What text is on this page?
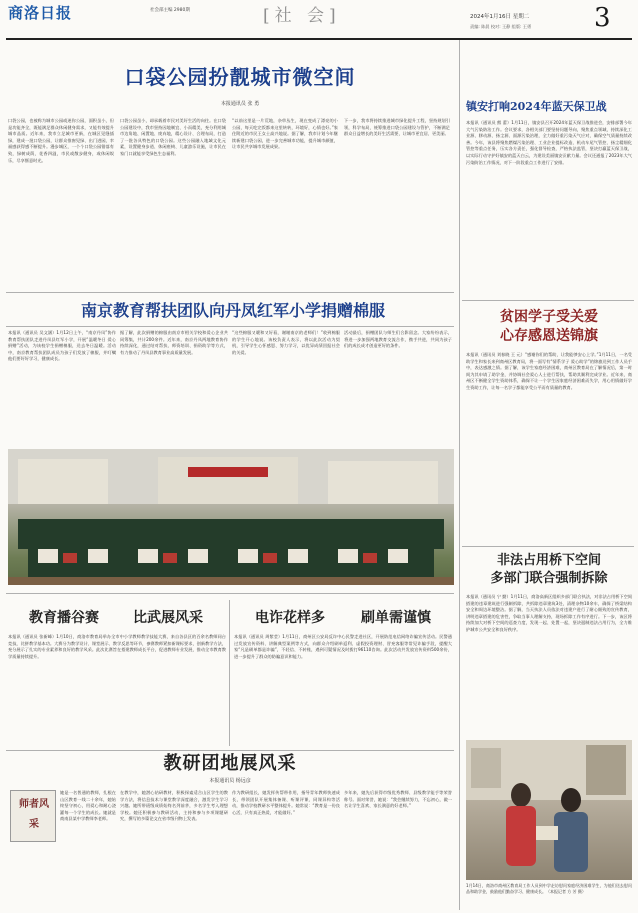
商洛日报	社会部主编 2980期	[社 会]	2024年1月16日 星期二
责编: 陈晨 校对: 王静 组版: 王勇 3
口袋公园扮靓城市微空间
本报通讯员 张 勇
口袋公园，也被称为城市公园或迷你公园，面积虽小，但是功能齐全，既能满足群众休闲健身需求，又能有效提升城市品质。近年来，我市立足城市更新，在城区见缝插绿，建成一批口袋公园，让群众推窗见绿、出门进园，幸福感获得感不断提升。漫步城区，一个个口袋公园错落有致，绿树成荫，花香四溢，市民或散步健身，或休闲娱乐，尽享惬意时光。
口袋公园虽小，却承载着市民对美好生活的向往。在口袋公园建设中，我市坚持因地制宜、小而精美，充分利用城市边角地、闲置地、废弃地，精心设计、合理布局，打造了一批各具特色的口袋公园。这些公园融入地域文化元素，设置健身步道、休闲座椅、儿童游乐设施，让市民在家门口就能享受绿色生态福利。
“以前这里是一片荒地，杂草丛生，现在变成了漂亮的小公园，每天吃完饭都来这里转转，环境好，心情也好。”家住附近的市民王女士高兴地说。据了解，我市计划今年继续新建口袋公园，进一步完善城市功能，提升城市颜值，让市民共享城市发展成果。
下一步，我市将持续推进城市绿化提升工程，坚持规划引领，科学布局，统筹推进口袋公园建设与管护，不断满足群众日益增长的美好生活需要，让城市更宜居、更美丽。
镇安打响2024年蓝天保卫战
本报讯（通讯员 熊 蕾）1月11日，镇安县召开2024年蓝天保卫战推进会，安排部署今年大气污染防治工作。会议要求，各相关部门要坚持问题导向，聚焦重点领域，持续深化工业源、移动源、扬尘源、面源污染治理，全力做好重污染天气应对，确保空气质量持续改善。今年，该县将聚焦燃煤污染治理、工业企业提标改造、机动车尾气管控、扬尘精细化管控等重点任务，压实各方责任，强化督导检查，严格执法监管，坚决打赢蓝天保卫战，以实际行动守护好镇安的蓝天白云，为建设美丽镇安贡献力量。会议还通报了2023年大气污染防治工作情况，对下一阶段重点工作进行了安排。
贫困学子受关爱
心存感恩送锦旗
本报讯（通讯员 刘春晓 王 元）“感谢你们的帮助，让我能够安心上学。”1月11日，一名受助学生和家长来到商州区教育局，将一面写有“情系学子 爱心助学”的锦旗送到工作人员手中，表达感激之情。据了解，该学生家庭经济困难，商州区教育局在了解情况后，第一时间为其申请了助学金，并协调社会爱心人士进行帮扶，帮助其顺利完成学业。近年来，商州区不断健全学生资助体系，确保不让一个学生因家庭经济困难而失学，用心用情做好学生资助工作，让每一名学子都能享受公平而有质量的教育。
非法占用桥下空间
多部门联合强制拆除
本报讯（通讯员 宁 勤）1月11日，商洛高新区组织多部门联合执法，对非法占用桥下空间搭建的违章建筑进行强制拆除，共拆除违章建筑3处，清理杂物10余车，确保了桥梁结构安全和周边环境整洁。据了解，当天执法人员依法对违建户进行了耐心细致的宣传教育，讲明违章搭建的危害性，争取当事人理解支持，现场拆除工作有序进行。下一步，该区将持续加大对桥下空间的巡查力度，发现一起、处置一起，坚决遏制违法占用行为，全力维护城市公共安全和良好秩序。
1月14日，商洛市商州区教育局工作人员到中学走访慰问家庭经济困难学生，为他们送去慰问品和助学金，鼓励他们勤奋学习、健康成长。（本报记者 方 芳 摄）
南京教育帮扶团队向丹凤红军小学捐赠棉服
本报讯（通讯员 吴文涵）1月12日上午，“南京丹凤”协作教育帮扶团队走进丹凤县红军小学，开展“温暖冬日 爱心捐赠”活动，为该校学生捐赠棉服，送去冬日温暖。活动中，南京教育帮扶团队成员为孩子们发放了棉服，并叮嘱他们要好好学习，健康成长。
据了解，此次捐赠的棉服由南京市相关学校和爱心企业共同筹集，共计200余件。近年来，南京丹凤两地教育协作持续深化，通过结对帮扶、师资培训、捐资助学等方式，有力推动了丹凤县教育事业高质量发展。
“这些棉服又暖和又好看，谢谢南京的老师们！”收到棉服的学生开心地说。该校负责人表示，将以此次活动为契机，引导学生心怀感恩、努力学习，以优异成绩回报社会的关爱。
活动最后，捐赠团队与师生们合影留念。大家纷纷表示，将进一步加强两地教育交流合作，携手共进，共同为孩子们的成长成才创造更好的条件。
教育播谷赛	比武展风采	电诈花样多	刷单需谨慎
本报讯（通讯员 张新峰）1月10日，商洛市教育局举办全市中小学教师教学技能大赛，来自各县区的百余名教师同台竞技，比拼教学基本功。大赛分为教学设计、课堂展示、教学反思等环节，参赛教师紧扣新课标要求，创新教学方法，充分展示了扎实的专业素养和良好的教学风采。此次比赛旨在搭建教师成长平台，促进教师专业发展，推动全市教育教学质量持续提升。
本报讯（通讯员 周紫莹）1月11日，商州区公安局反诈中心民警走进社区，开展防范电信网络诈骗宣传活动。民警通过发放宣传资料、讲解典型案例等方式，向群众介绍刷单返利、虚假投资理财、冒充客服等常见诈骗手段，提醒大家“凡是刷单都是诈骗”，不轻信、不转账，遇到可疑情况及时拨打96110咨询。此次活动共发放宣传资料500余份，进一步提升了群众的防骗意识和能力。
教研团地展风采
本报通讯员 杨远彦
师者风采
她是一名普通的教师，扎根在山区教育一线二十余年，她始终坚守初心，用爱心和耐心浇灌每一个学生的成长。她就是商南县某中学教师李老师。
在教学中，她潜心钻研教材，积极探索适合山区学生的教学方法，将信息技术与课堂教学深度融合，激发学生学习兴趣。她所带班级成绩始终名列前茅，多名学生考入理想学校。她还积极参与教研活动，主持和参与多项课题研究，撰写的多篇论文在省市级刊物上发表。
作为教研组长，她发挥传帮带作用，指导青年教师快速成长，带领团队开展集体备课、听课评课、同课异构等活动，推动学校教研水平整体提升。她常说：“教育是一份良心活，只有真正热爱，才能做好。”
多年来，她先后获得市级优秀教师、县级教学能手等荣誉称号。面对荣誉，她说：“我会继续努力，不忘初心，做一名让学生喜欢、家长满意的好老师。”
